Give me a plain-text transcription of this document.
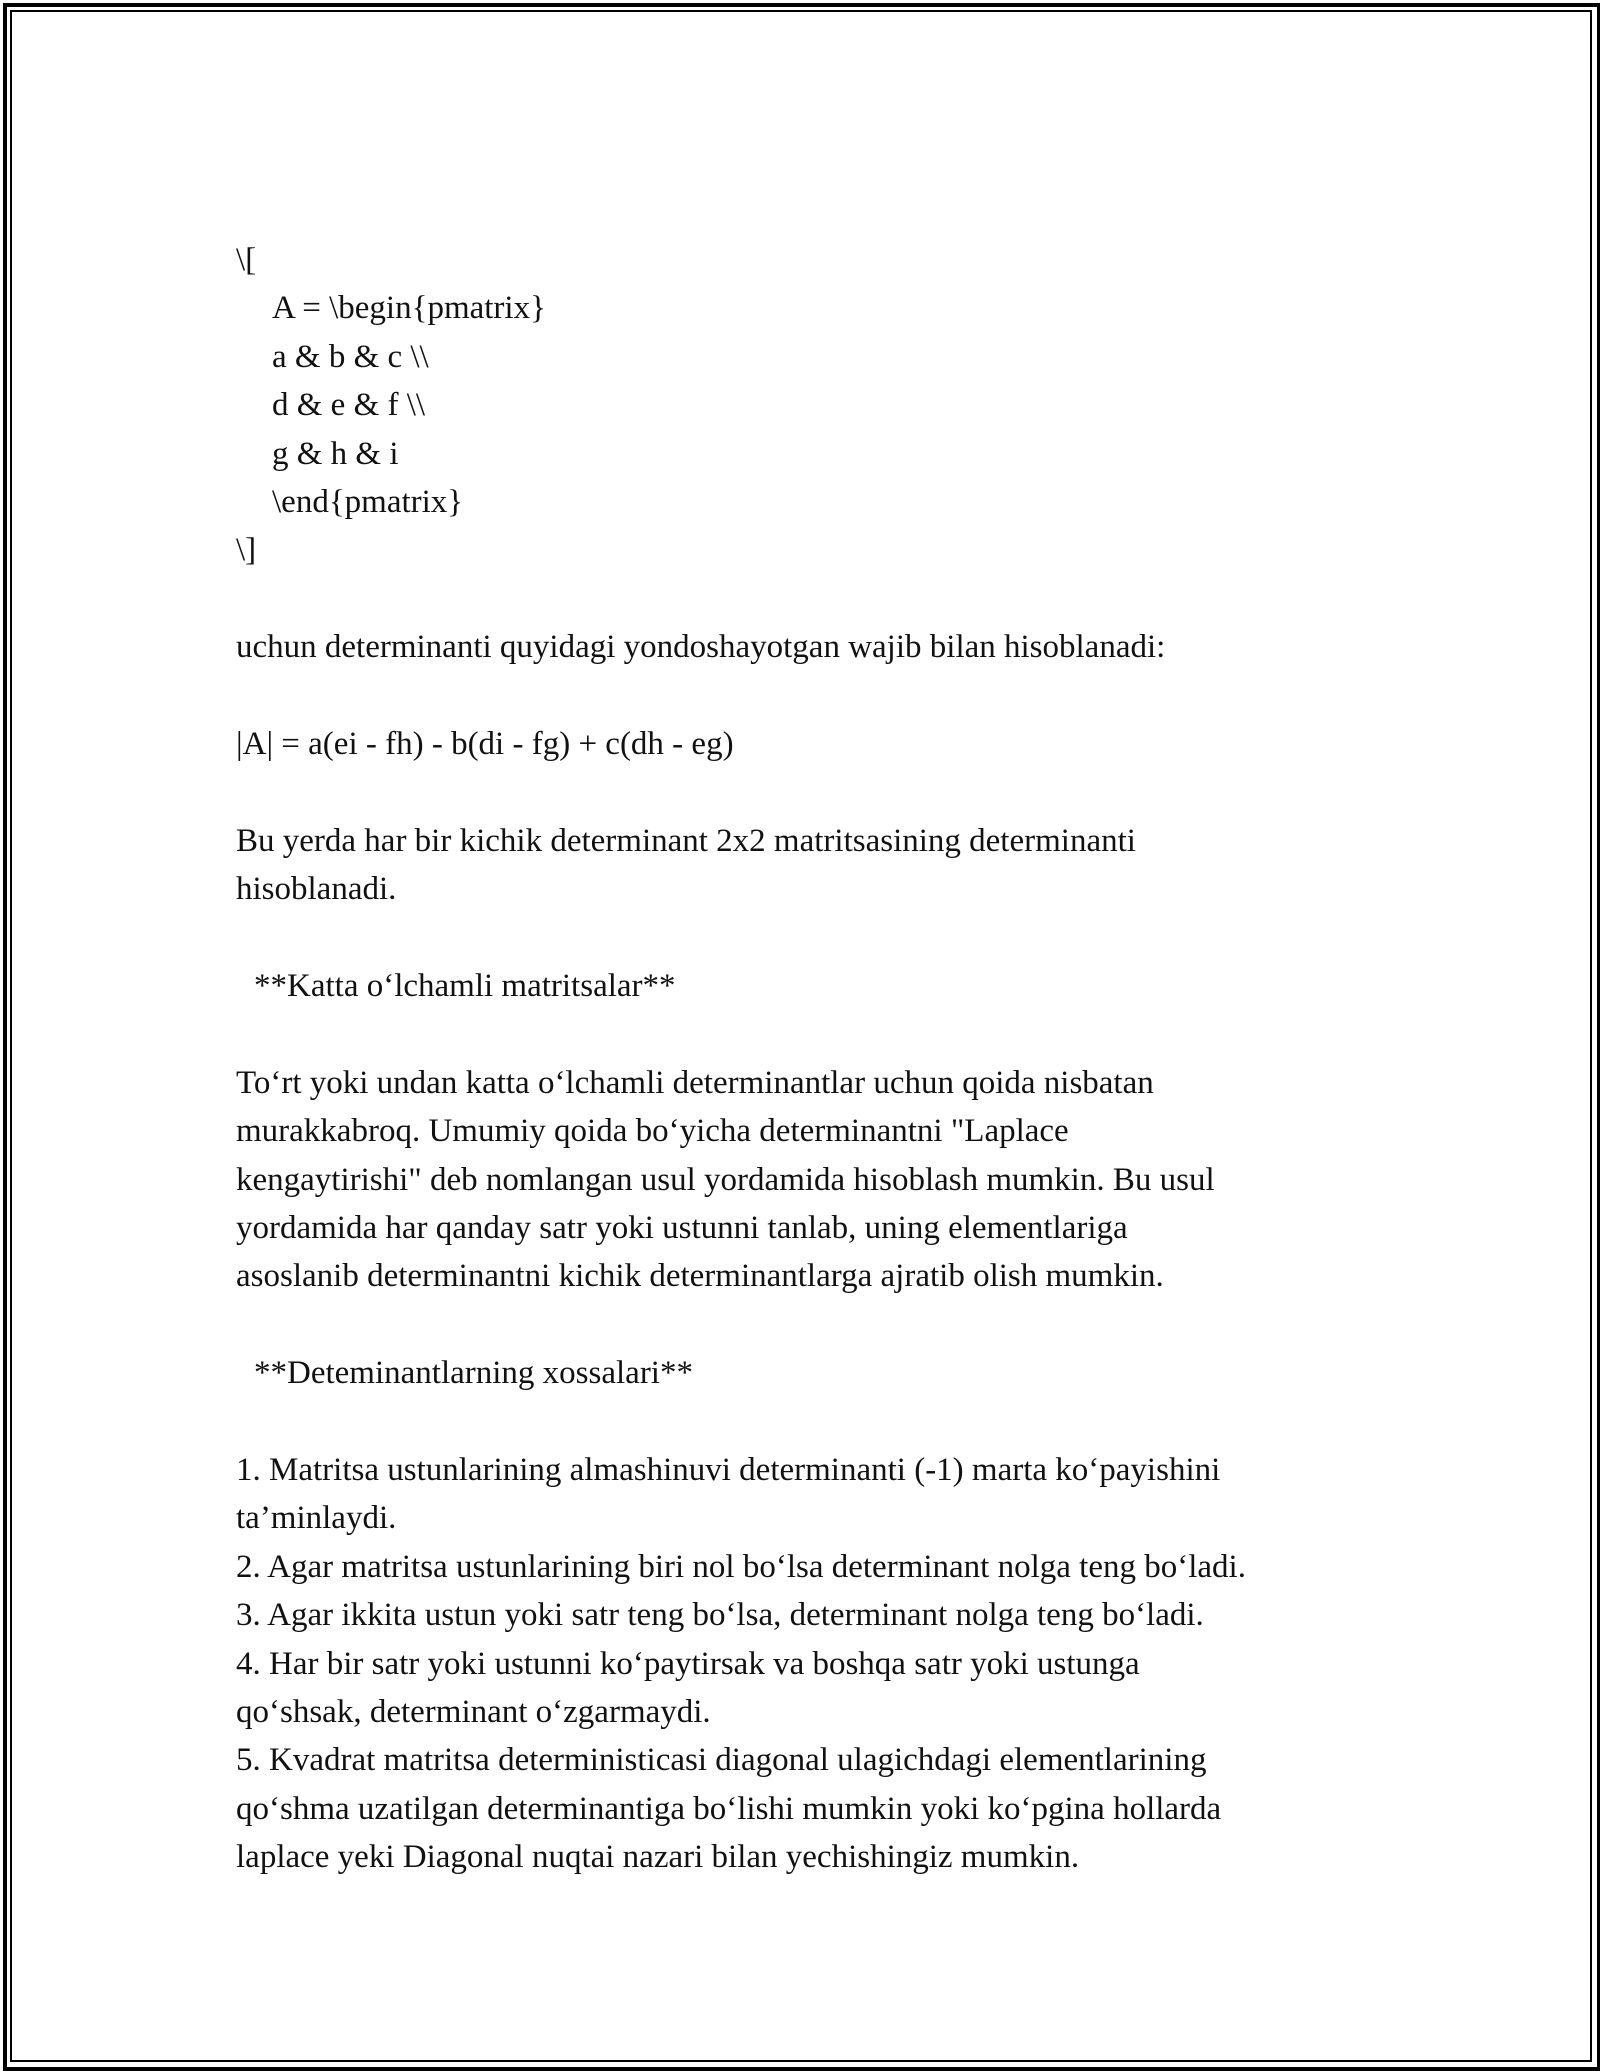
\[
A = \begin{pmatrix}
a & b & c \\
d & e & f \\
g & h & i
\end{pmatrix}
\]
uchun determinanti quyidagi yondoshayotgan wajib bilan hisoblanadi:
|A| = a(ei - fh) - b(di - fg) + c(dh - eg)
Bu yerda har bir kichik determinant 2x2 matritsasining determinanti
hisoblanadi.
**Katta o‘lchamli matritsalar**
To‘rt yoki undan katta o‘lchamli determinantlar uchun qoida nisbatan
murakkabroq. Umumiy qoida bo‘yicha determinantni "Laplace
kengaytirishi" deb nomlangan usul yordamida hisoblash mumkin. Bu usul
yordamida har qanday satr yoki ustunni tanlab, uning elementlariga
asoslanib determinantni kichik determinantlarga ajratib olish mumkin.
**Deteminantlarning xossalari**
1. Matritsa ustunlarining almashinuvi determinanti (-1) marta ko‘payishini
ta’minlaydi.
2. Agar matritsa ustunlarining biri nol bo‘lsa determinant nolga teng bo‘ladi.
3. Agar ikkita ustun yoki satr teng bo‘lsa, determinant nolga teng bo‘ladi.
4. Har bir satr yoki ustunni ko‘paytirsak va boshqa satr yoki ustunga
qo‘shsak, determinant o‘zgarmaydi.
5. Kvadrat matritsa deterministicasi diagonal ulagichdagi elementlarining
qo‘shma uzatilgan determinantiga bo‘lishi mumkin yoki ko‘pgina hollarda
laplace yeki Diagonal nuqtai nazari bilan yechishingiz mumkin.
